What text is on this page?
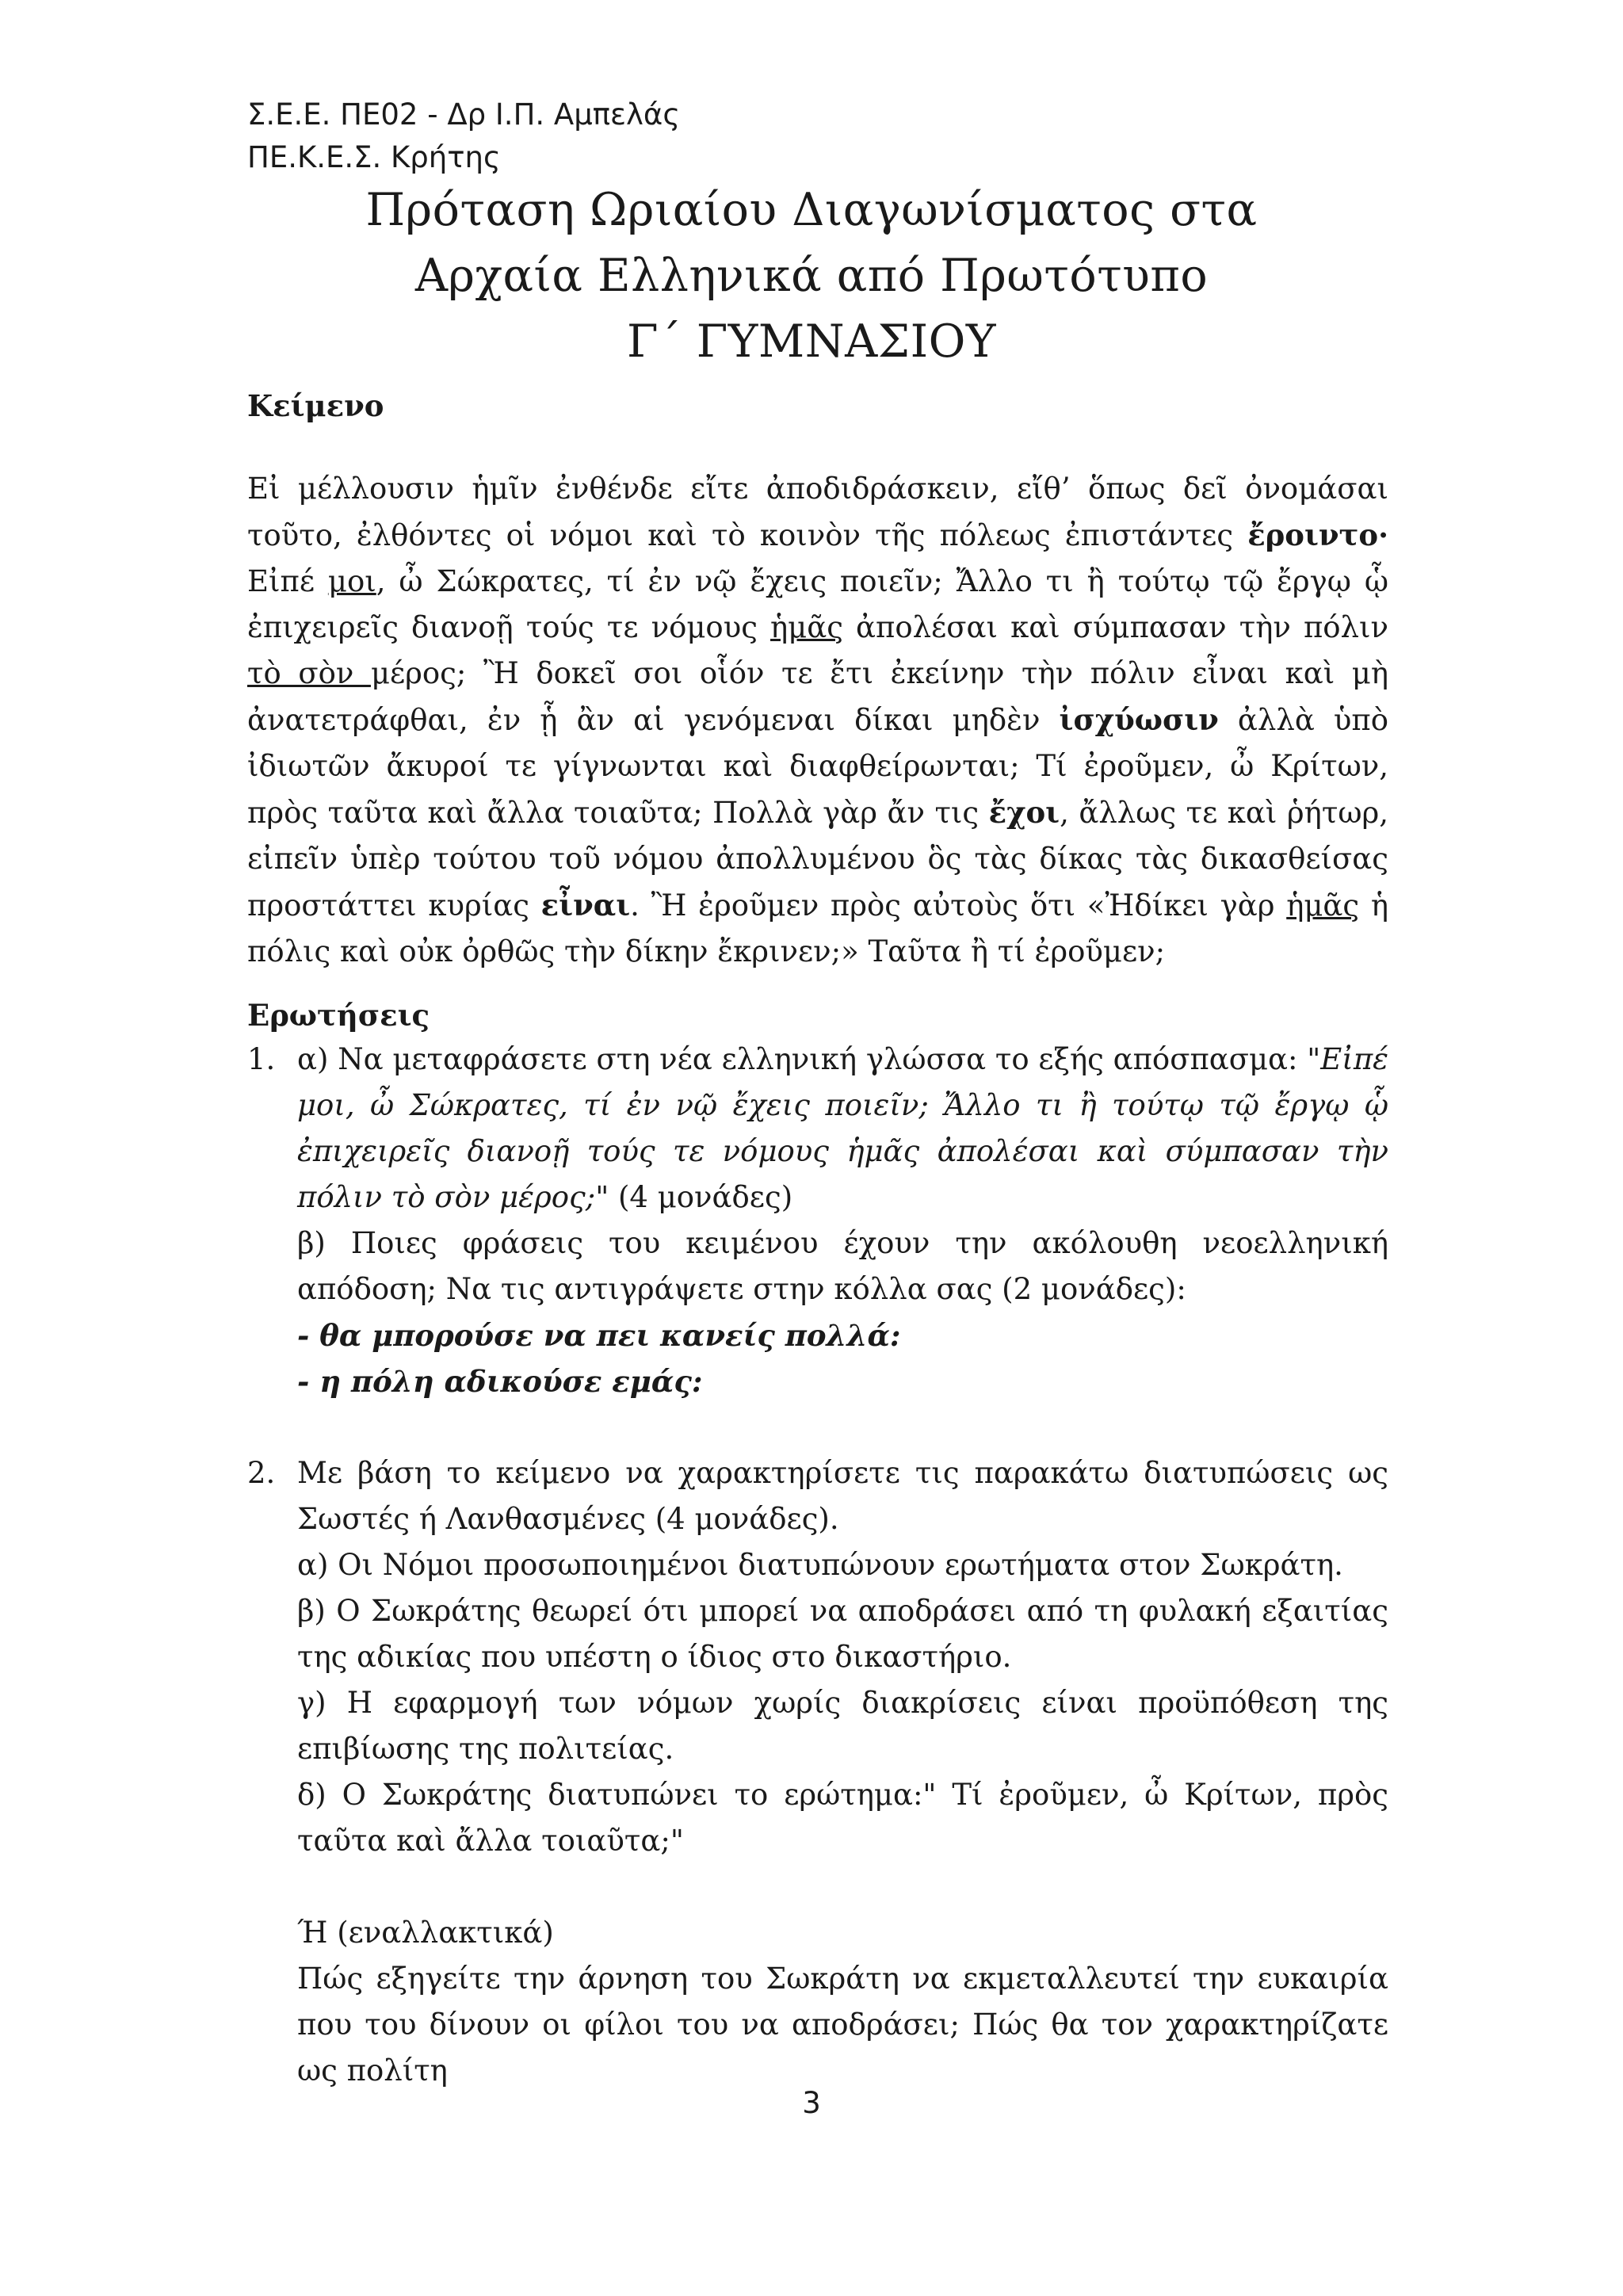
Σ.Ε.Ε. ΠΕ02 - Δρ Ι.Π. Αμπελάς
ΠΕ.Κ.Ε.Σ. Κρήτης
Πρόταση Ωριαίου Διαγωνίσματος στα
Αρχαία Ελληνικά από Πρωτότυπο
Γ΄ ΓΥΜΝΑΣΙΟΥ
Κείμενο
Εἰ μέλλουσιν ἡμῖν ἐνθένδε εἴτε ἀποδιδράσκειν, εἴθ’ ὅπως δεῖ ὀνομάσαι τοῦτο, ἐλθόντες οἱ νόμοι καὶ τὸ κοινὸν τῆς πόλεως ἐπιστάντες ἔροιντο· Εἰπέ μοι, ὦ Σώκρατες, τί ἐν νῷ ἔχεις ποιεῖν; Ἄλλο τι ἢ τούτῳ τῷ ἔργῳ ᾧ ἐπιχειρεῖς διανοῇ τούς τε νόμους ἡμᾶς ἀπολέσαι καὶ σύμπασαν τὴν πόλιν τὸ σὸν μέρος; Ἢ δοκεῖ σοι οἷόν τε ἔτι ἐκείνην τὴν πόλιν εἶναι καὶ μὴ ἀνατετράφθαι, ἐν ᾗ ἂν αἱ γενόμεναι δίκαι μηδὲν ἰσχύωσιν ἀλλὰ ὑπὸ ἰδιωτῶν ἄκυροί τε γίγνωνται καὶ διαφθείρωνται; Τί ἐροῦμεν, ὦ Κρίτων, πρὸς ταῦτα καὶ ἄλλα τοιαῦτα; Πολλὰ γὰρ ἄν τις ἔχοι, ἄλλως τε καὶ ῥήτωρ, εἰπεῖν ὑπὲρ τούτου τοῦ νόμου ἀπολλυμένου ὃς τὰς δίκας τὰς δικασθείσας προστάττει κυρίας εἶναι. Ἢ ἐροῦμεν πρὸς αὐτοὺς ὅτι «Ἠδίκει γὰρ ἡμᾶς ἡ πόλις καὶ οὐκ ὀρθῶς τὴν δίκην ἔκρινεν;» Ταῦτα ἢ τί ἐροῦμεν;
Ερωτήσεις
1. α) Να μεταφράσετε στη νέα ελληνική γλώσσα το εξής απόσπασμα: "Εἰπέ μοι, ὦ Σώκρατες, τί ἐν νῷ ἔχεις ποιεῖν; Ἄλλο τι ἢ τούτῳ τῷ ἔργῳ ᾧ ἐπιχειρεῖς διανοῇ τούς τε νόμους ἡμᾶς ἀπολέσαι καὶ σύμπασαν τὴν πόλιν τὸ σὸν μέρος;" (4 μονάδες)
β) Ποιες φράσεις του κειμένου έχουν την ακόλουθη νεοελληνική απόδοση; Να τις αντιγράψετε στην κόλλα σας (2 μονάδες):
- θα μπορούσε να πει κανείς πολλά:
- η πόλη αδικούσε εμάς:
2. Με βάση το κείμενο να χαρακτηρίσετε τις παρακάτω διατυπώσεις ως Σωστές ή Λανθασμένες (4 μονάδες).
α) Οι Νόμοι προσωποιημένοι διατυπώνουν ερωτήματα στον Σωκράτη.
β) Ο Σωκράτης θεωρεί ότι μπορεί να αποδράσει από τη φυλακή εξαιτίας της αδικίας που υπέστη ο ίδιος στο δικαστήριο.
γ) Η εφαρμογή των νόμων χωρίς διακρίσεις είναι προϋπόθεση της επιβίωσης της πολιτείας.
δ) Ο Σωκράτης διατυπώνει το ερώτημα:" Τί ἐροῦμεν, ὦ Κρίτων, πρὸς ταῦτα καὶ ἄλλα τοιαῦτα;"
Ή (εναλλακτικά)
Πώς εξηγείτε την άρνηση του Σωκράτη να εκμεταλλευτεί την ευκαιρία που του δίνουν οι φίλοι του να αποδράσει; Πώς θα τον χαρακτηρίζατε ως πολίτη
3
